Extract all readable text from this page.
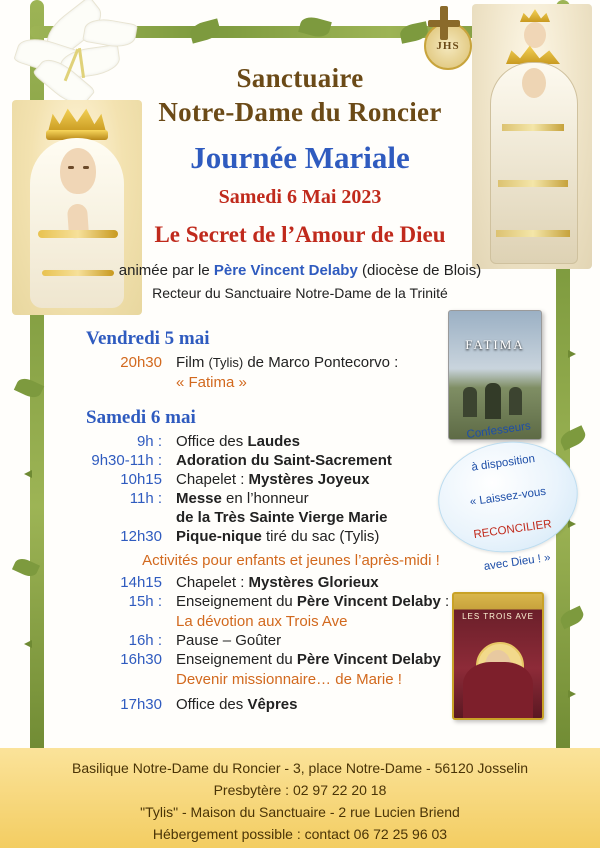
JHS
Sanctuaire
Notre-Dame du Roncier
Journée Mariale
Samedi 6 Mai 2023
Le Secret de l’Amour de Dieu
animée par le Père Vincent Delaby (diocèse de Blois)
Recteur du Sanctuaire Notre-Dame de la Trinité
FATIMA
LES TROIS AVE
Confesseurs

à disposition

« Laissez-vous

RECONCILIER

avec Dieu ! »
Vendredi 5 mai
20h30 Film (Tylis) de Marco Pontecorvo :
« Fatima »
Samedi 6 mai
9h : Office des Laudes
9h30-11h : Adoration du Saint-Sacrement
10h15 Chapelet : Mystères Joyeux
11h : Messe en l’honneur
de la Très Sainte Vierge Marie
12h30 Pique-nique tiré du sac (Tylis)
Activités pour enfants et jeunes l’après-midi !
14h15 Chapelet : Mystères Glorieux
15h : Enseignement du Père Vincent Delaby :
La dévotion aux Trois Ave
16h : Pause – Goûter
16h30 Enseignement du Père Vincent Delaby
Devenir missionnaire… de Marie !
17h30 Office des Vêpres
Basilique Notre-Dame du Roncier - 3, place Notre-Dame - 56120 Josselin
Presbytère : 02 97 22 20 18
"Tylis" - Maison du Sanctuaire - 2 rue Lucien Briend
Hébergement possible : contact 06 72 25 96 03
